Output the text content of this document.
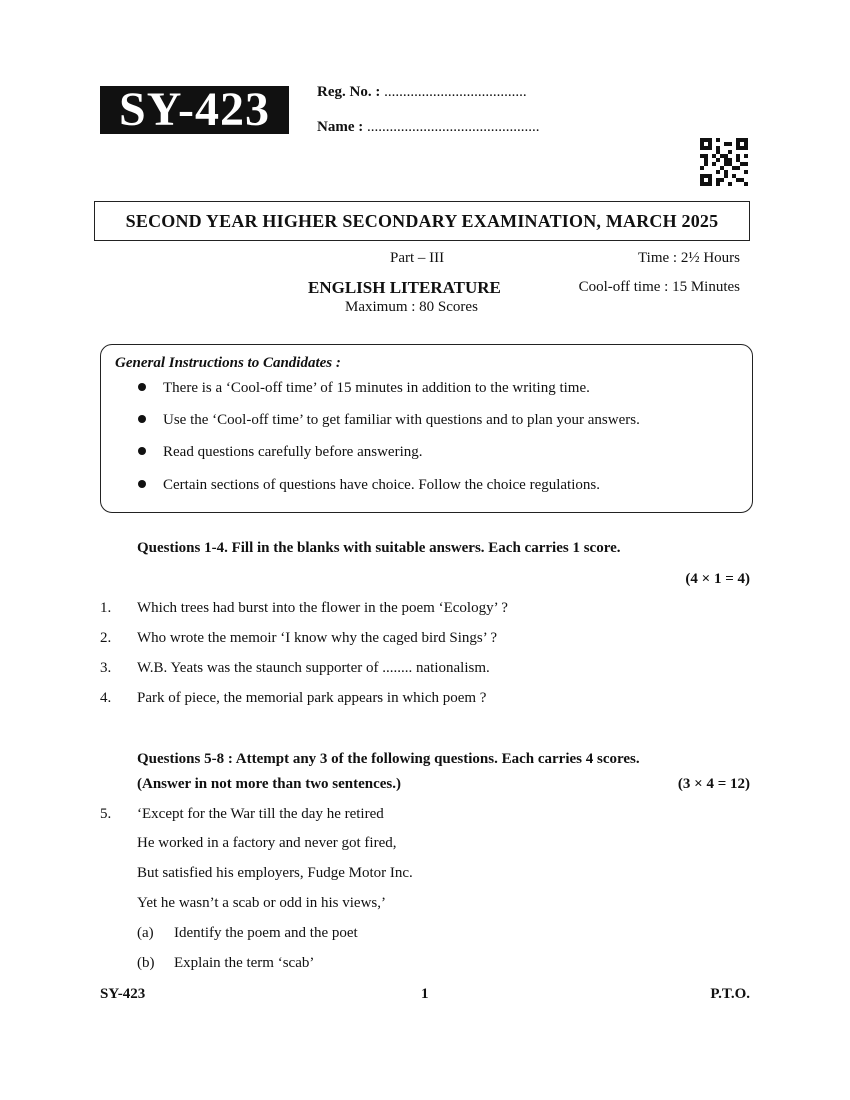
SY-423	Reg. No. : ......................................
Name : ..............................................
SECOND YEAR HIGHER SECONDARY EXAMINATION, MARCH 2025
Part – III	Time : 2½ Hours
ENGLISH LITERATURE	Cool-off time : 15 Minutes
Maximum : 80 Scores
General Instructions to Candidates :
There is a ‘Cool-off time’ of 15 minutes in addition to the writing time.
Use the ‘Cool-off time’ to get familiar with questions and to plan your answers.
Read questions carefully before answering.
Certain sections of questions have choice. Follow the choice regulations.
Questions 1-4. Fill in the blanks with suitable answers. Each carries 1 score.
(4 × 1 = 4)
1. Which trees had burst into the flower in the poem ‘Ecology’ ?
2. Who wrote the memoir ‘I know why the caged bird Sings’ ?
3. W.B. Yeats was the staunch supporter of ........ nationalism.
4. Park of piece, the memorial park appears in which poem ?
Questions 5-8 : Attempt any 3 of the following questions. Each carries 4 scores.
(Answer in not more than two sentences.)	(3 × 4 = 12)
5. ‘Except for the War till the day he retired
He worked in a factory and never got fired,
But satisfied his employers, Fudge Motor Inc.
Yet he wasn’t a scab or odd in his views,’
(a) Identify the poem and the poet
(b) Explain the term ‘scab’
SY-423	1	P.T.O.
